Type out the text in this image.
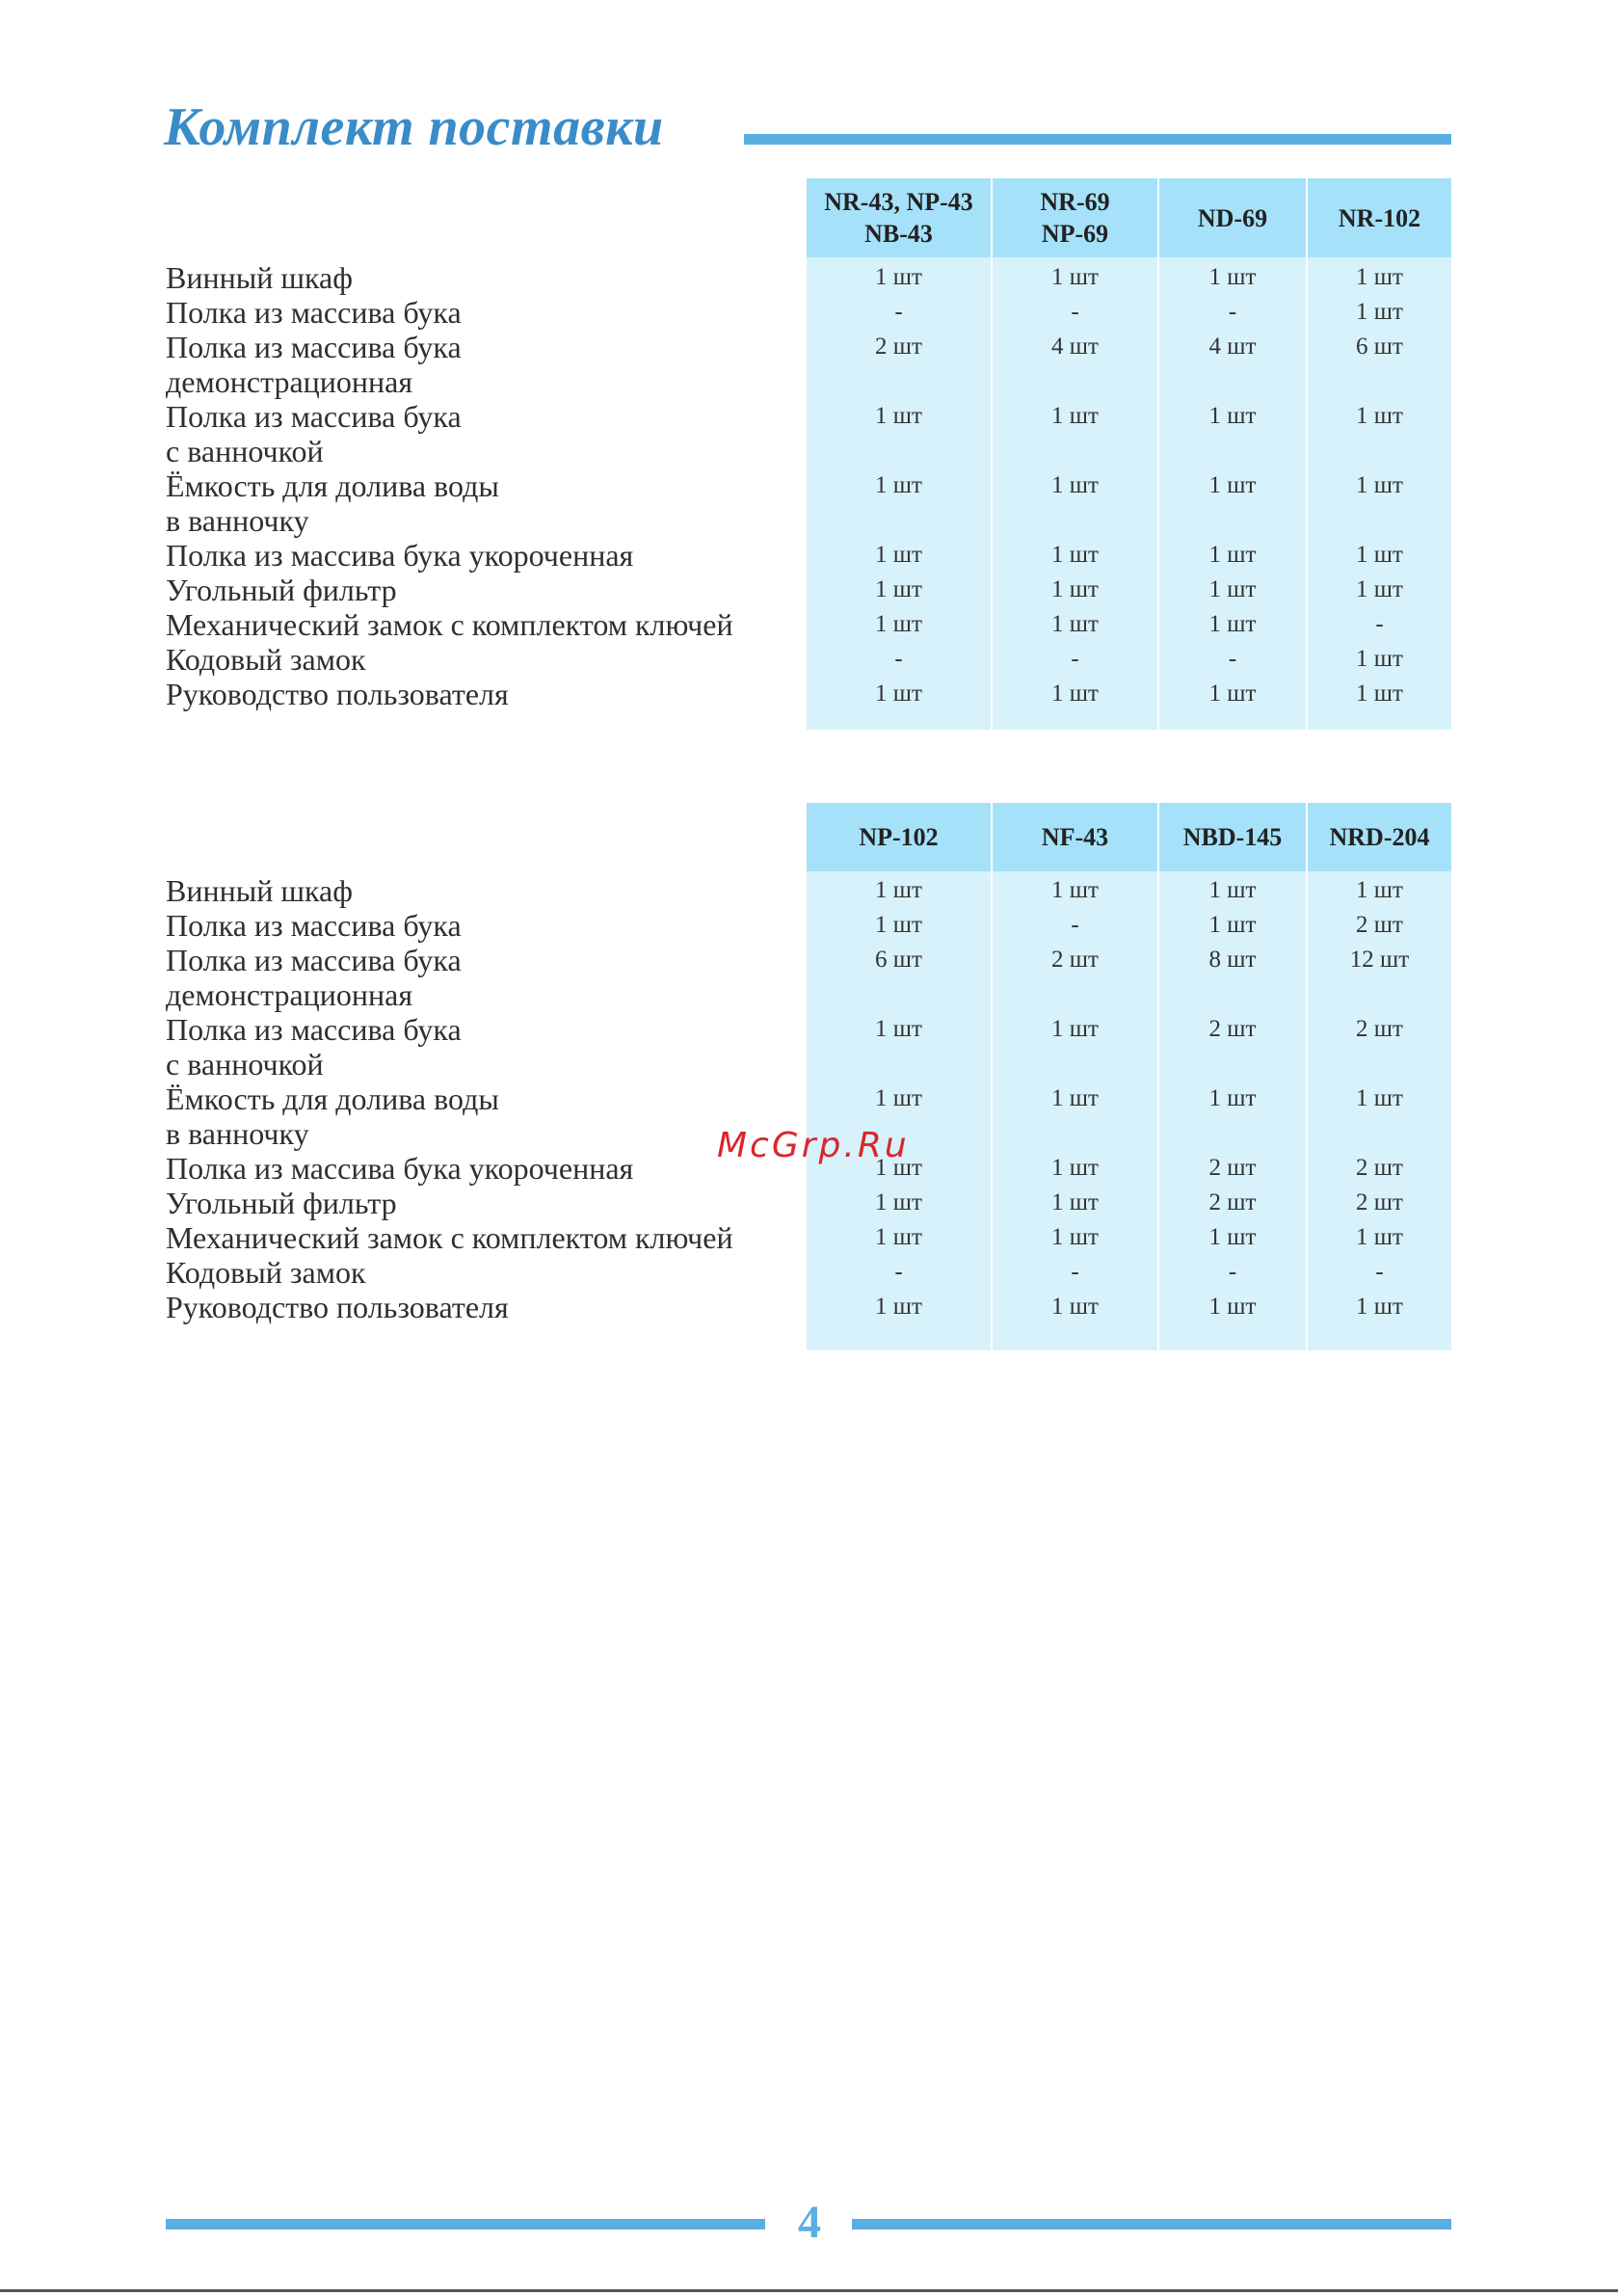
Комплект поставки
Винный шкаф
Полка из массива бука
Полка из массива бука
демонстрационная
Полка из массива бука
с ванночкой
Ёмкость для долива воды
в ванночку
Полка из массива бука укороченная
Угольный фильтр
Механический замок с комплектом ключей
Кодовый замок
Руководство пользователя
NR-43, NP-43
NB-43
1 шт
-
2 шт
1 шт
1 шт
1 шт
1 шт
1 шт
-
1 шт
NR-69
NP-69
1 шт
-
4 шт
1 шт
1 шт
1 шт
1 шт
1 шт
-
1 шт
ND-69
1 шт
-
4 шт
1 шт
1 шт
1 шт
1 шт
1 шт
-
1 шт
NR-102
1 шт
1 шт
6 шт
1 шт
1 шт
1 шт
1 шт
-
1 шт
1 шт
Винный шкаф
Полка из массива бука
Полка из массива бука
демонстрационная
Полка из массива бука
с ванночкой
Ёмкость для долива воды
в ванночку
Полка из массива бука укороченная
Угольный фильтр
Механический замок с комплектом ключей
Кодовый замок
Руководство пользователя
NP-102
1 шт
1 шт
6 шт
1 шт
1 шт
1 шт
1 шт
1 шт
-
1 шт
NF-43
1 шт
-
2 шт
1 шт
1 шт
1 шт
1 шт
1 шт
-
1 шт
NBD-145
1 шт
1 шт
8 шт
2 шт
1 шт
2 шт
2 шт
1 шт
-
1 шт
NRD-204
1 шт
2 шт
12 шт
2 шт
1 шт
2 шт
2 шт
1 шт
-
1 шт
McGrp.Ru
4
